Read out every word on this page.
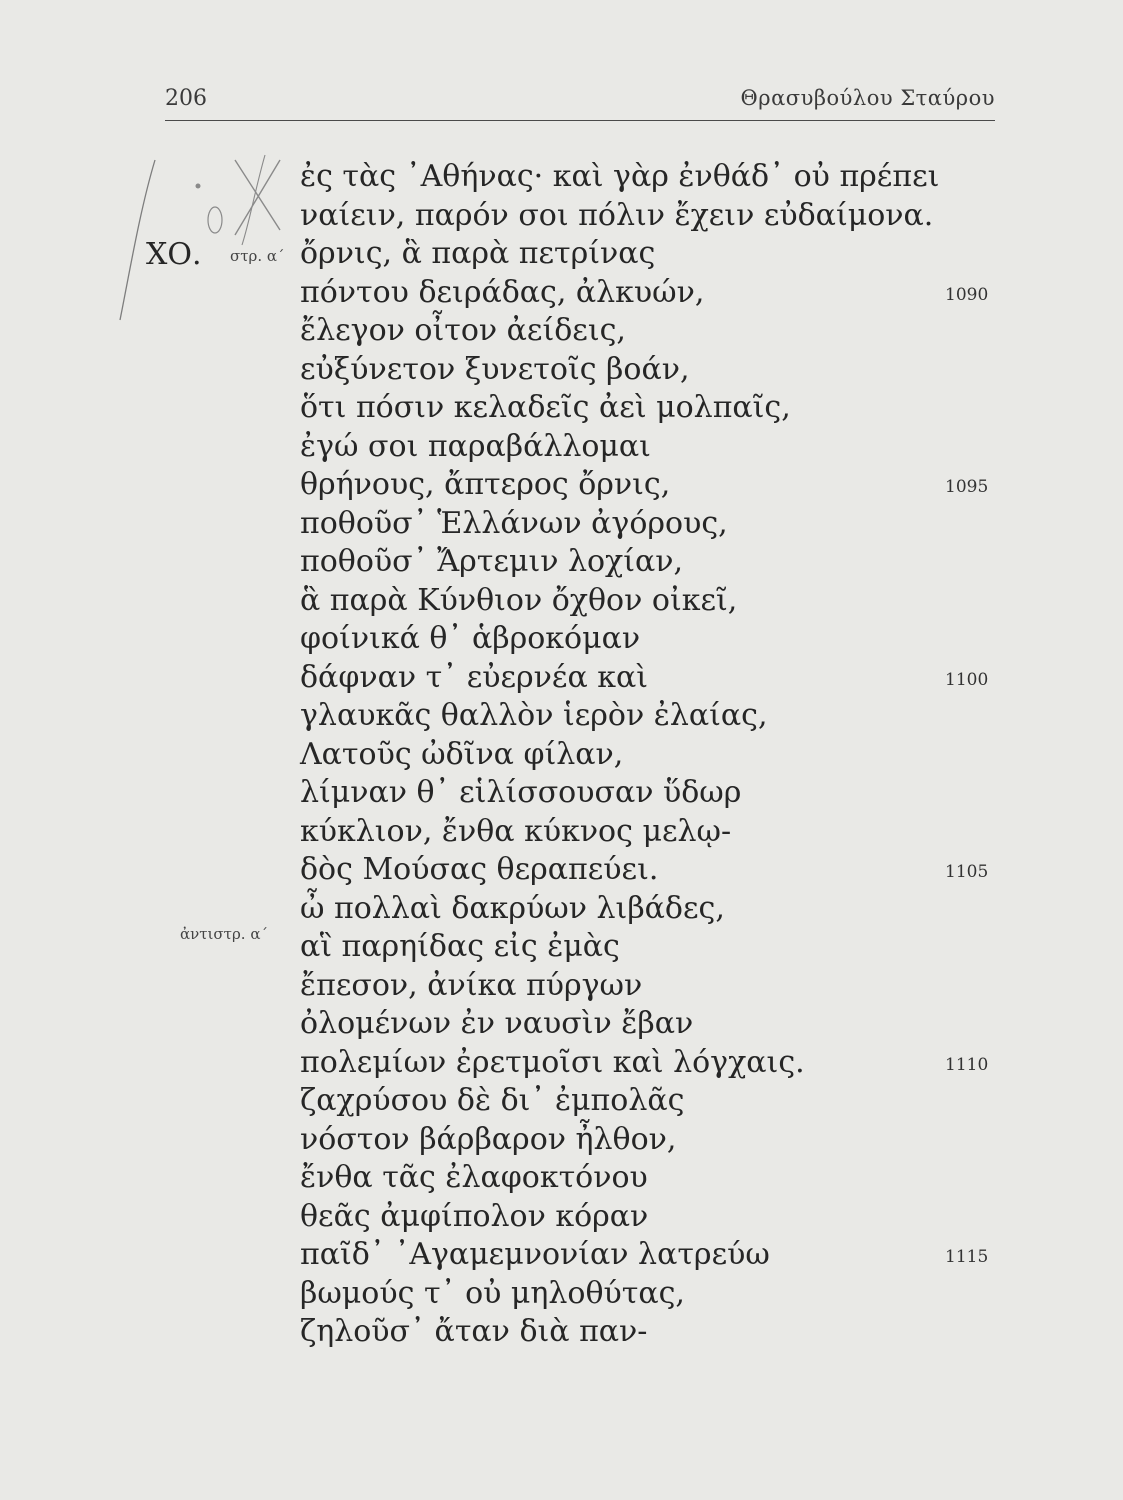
206	Θρασυβούλου Σταύρου
ΧΟ. στρ. α΄
ἀντιστρ. α΄
ἐς τὰς ᾿Αθήνας· καὶ γὰρ ἐνθάδ᾿ οὐ πρέπει
ναίειν, παρόν σοι πόλιν ἔχειν εὐδαίμονα.
ὄρνις, ἃ παρὰ πετρίνας
πόντου δειράδας, ἀλκυών,
ἔλεγον οἶτον ἀείδεις,
εὐξύνετον ξυνετοῖς βοάν,
ὅτι πόσιν κελαδεῖς ἀεὶ μολπαῖς,
ἐγώ σοι παραβάλλομαι
θρήνους, ἄπτερος ὄρνις,
ποθοῦσ᾿ Ἑλλάνων ἀγόρους,
ποθοῦσ᾿ Ἄρτεμιν λοχίαν,
ἃ παρὰ Κύνθιον ὄχθον οἰκεῖ,
φοίνικά θ᾿ ἁβροκόμαν
δάφναν τ᾿ εὐερνέα καὶ
γλαυκᾶς θαλλὸν ἱερὸν ἐλαίας,
Λατοῦς ὠδῖνα φίλαν,
λίμναν θ᾿ εἱλίσσουσαν ὕδωρ
κύκλιον, ἔνθα κύκνος μελῳ-
δὸς Μούσας θεραπεύει.
ὦ πολλαὶ δακρύων λιβάδες,
αἳ παρηίδας εἰς ἐμὰς
ἔπεσον, ἀνίκα πύργων
ὀλομένων ἐν ναυσὶν ἔβαν
πολεμίων ἐρετμοῖσι καὶ λόγχαις.
ζαχρύσου δὲ δι᾿ ἐμπολᾶς
νόστον βάρβαρον ἦλθον,
ἔνθα τᾶς ἐλαφοκτόνου
θεᾶς ἀμφίπολον κόραν
παῖδ᾿ ᾿Αγαμεμνονίαν λατρεύω
βωμούς τ᾿ οὐ μηλοθύτας,
ζηλοῦσ᾿ ἄταν διὰ παν-
1090
1095
1100
1105
1110
1115
